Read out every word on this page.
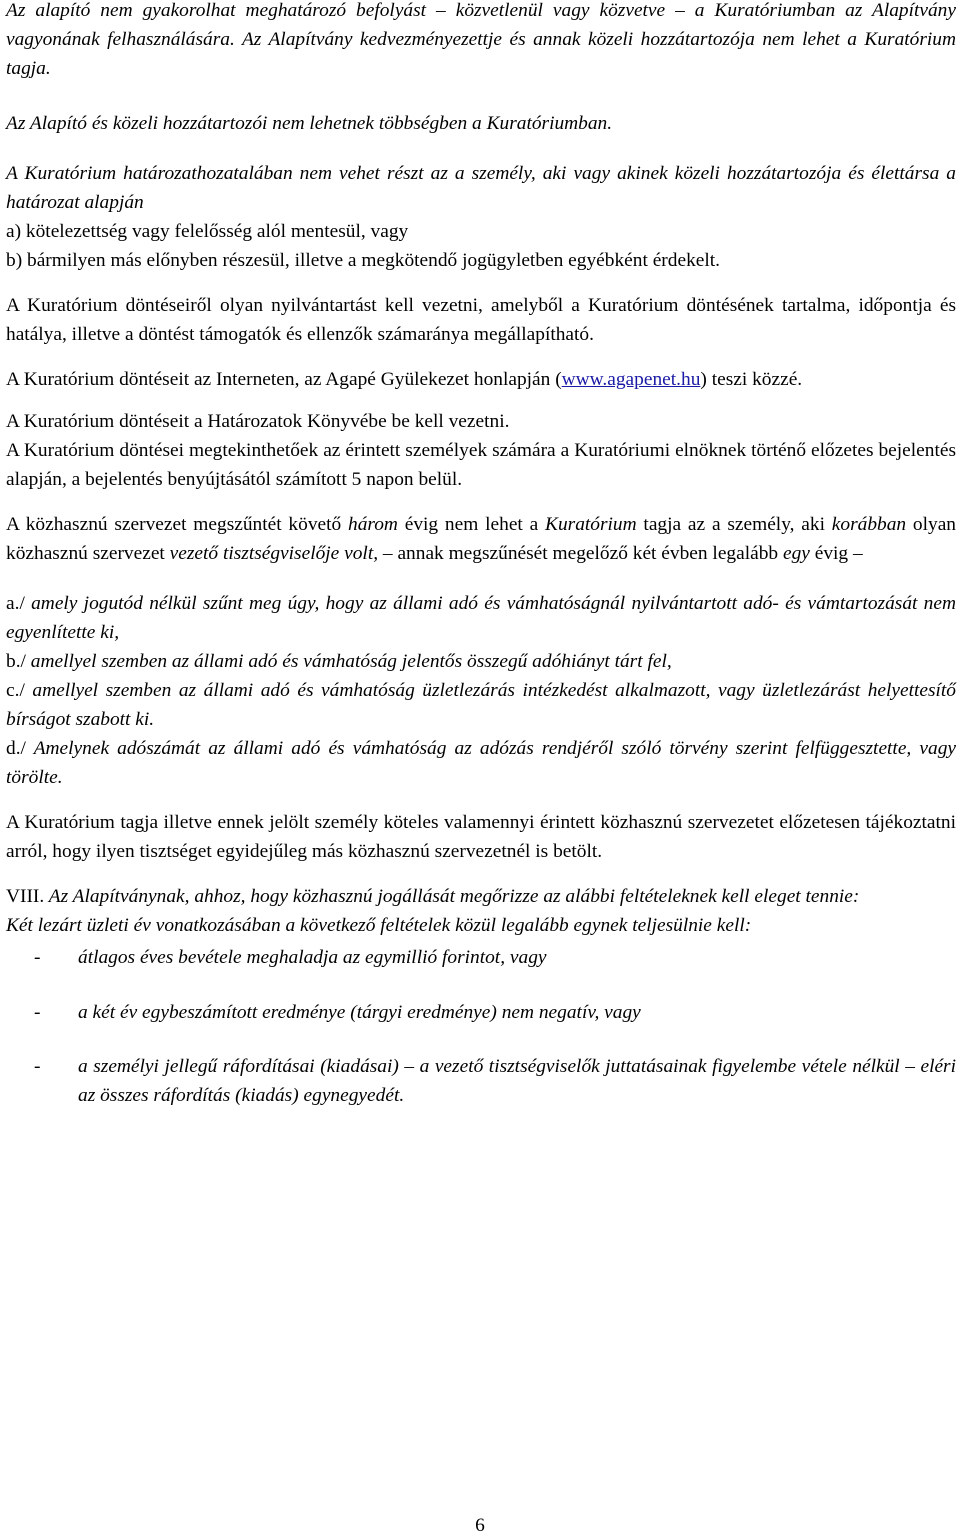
Az alapító nem gyakorolhat meghatározó befolyást – közvetlenül vagy közvetve – a Kuratóriumban az Alapítvány vagyonának felhasználására. Az Alapítvány kedvezményezettje és annak közeli hozzátartozója nem lehet a Kuratórium tagja.

Az Alapító és közeli hozzátartozói nem lehetnek többségben a Kuratóriumban.

A Kuratórium határozathozatalában nem vehet részt az a személy, aki vagy akinek közeli hozzátartozója és élettársa a határozat alapján

a) kötelezettség vagy felelősség alól mentesül, vagy

b) bármilyen más előnyben részesül, illetve a megkötendő jogügyletben egyébként érdekelt.

A Kuratórium döntéseiről olyan nyilvántartást kell vezetni, amelyből a Kuratórium döntésének tartalma, időpontja és hatálya, illetve a döntést támogatók és ellenzők számaránya megállapítható.

A Kuratórium döntéseit az Interneten, az Agapé Gyülekezet honlapján (www.agapenet.hu) teszi közzé.

A Kuratórium döntéseit a Határozatok Könyvébe be kell vezetni.

A Kuratórium döntései megtekinthetőek az érintett személyek számára a Kuratóriumi elnöknek történő előzetes bejelentés alapján, a bejelentés benyújtásától számított 5 napon belül.

A közhasznú szervezet megszűntét követő három évig nem lehet a Kuratórium tagja az a személy, aki korábban olyan közhasznú szervezet vezető tisztségviselője volt, – annak megszűnését megelőző két évben legalább egy évig –

a./ amely jogutód nélkül szűnt meg úgy, hogy az állami adó és vámhatóságnál nyilvántartott adó- és vámtartozását nem egyenlítette ki,

b./ amellyel szemben az állami adó és vámhatóság jelentős összegű adóhiányt tárt fel,

c./ amellyel szemben az állami adó és vámhatóság üzletlezárás intézkedést alkalmazott, vagy üzletlezárást helyettesítő bírságot szabott ki.

d./ Amelynek adószámát az állami adó és vámhatóság az adózás rendjéről szóló törvény szerint felfüggesztette, vagy törölte.

A Kuratórium tagja illetve ennek jelölt személy köteles valamennyi érintett közhasznú szervezetet előzetesen tájékoztatni arról, hogy ilyen tisztséget egyidejűleg más közhasznú szervezetnél is betölt.

VIII. Az Alapítványnak, ahhoz, hogy közhasznú jogállását megőrizze az alábbi feltételeknek kell eleget tennie:

Két lezárt üzleti év vonatkozásában a következő feltételek közül legalább egynek teljesülnie kell:

-	átlagos éves bevétele meghaladja az egymillió forintot, vagy
-	a két év egybeszámított eredménye (tárgyi eredménye) nem negatív, vagy
-	a személyi jellegű ráfordításai (kiadásai) – a vezető tisztségviselők juttatásainak figyelembe vétele nélkül – eléri az összes ráfordítás (kiadás) egynegyedét.
6
